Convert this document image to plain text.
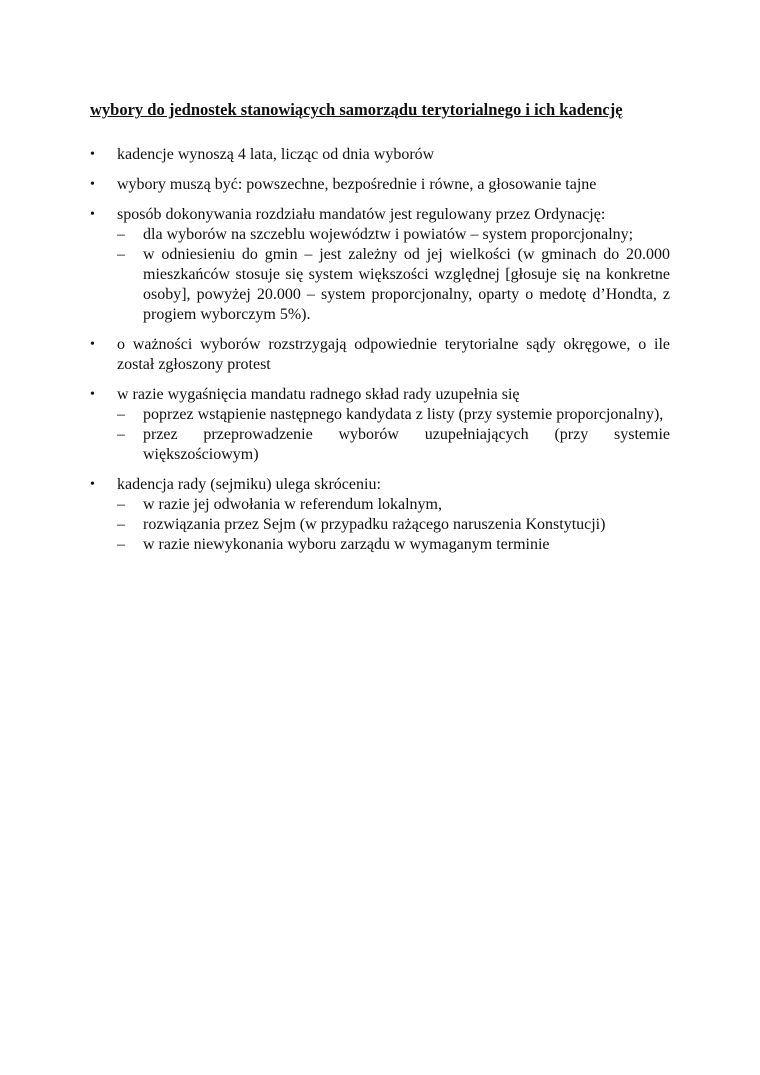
wybory do jednostek stanowiących samorządu terytorialnego i ich kadencję

• kadencje wynoszą 4 lata, licząc od dnia wyborów
• wybory muszą być: powszechne, bezpośrednie i równe, a głosowanie tajne
• sposób dokonywania rozdziału mandatów jest regulowany przez Ordynację:
– dla wyborów na szczeblu województw i powiatów – system proporcjonalny;
– w odniesieniu do gmin – jest zależny od jej wielkości (w gminach do 20.000 mieszkańców stosuje się system większości względnej [głosuje się na konkretne osoby], powyżej 20.000 – system proporcjonalny, oparty o medotę d’Hondta, z progiem wyborczym 5%).
• o ważności wyborów rozstrzygają odpowiednie terytorialne sądy okręgowe, o ile został zgłoszony protest
• w razie wygaśnięcia mandatu radnego skład rady uzupełnia się
– poprzez wstąpienie następnego kandydata z listy (przy systemie proporcjonalny),
– przez przeprowadzenie wyborów uzupełniających (przy systemie większościowym)
• kadencja rady (sejmiku) ulega skróceniu:
– w razie jej odwołania w referendum lokalnym,
– rozwiązania przez Sejm (w przypadku rażącego naruszenia Konstytucji)
– w razie niewykonania wyboru zarządu w wymaganym terminie
